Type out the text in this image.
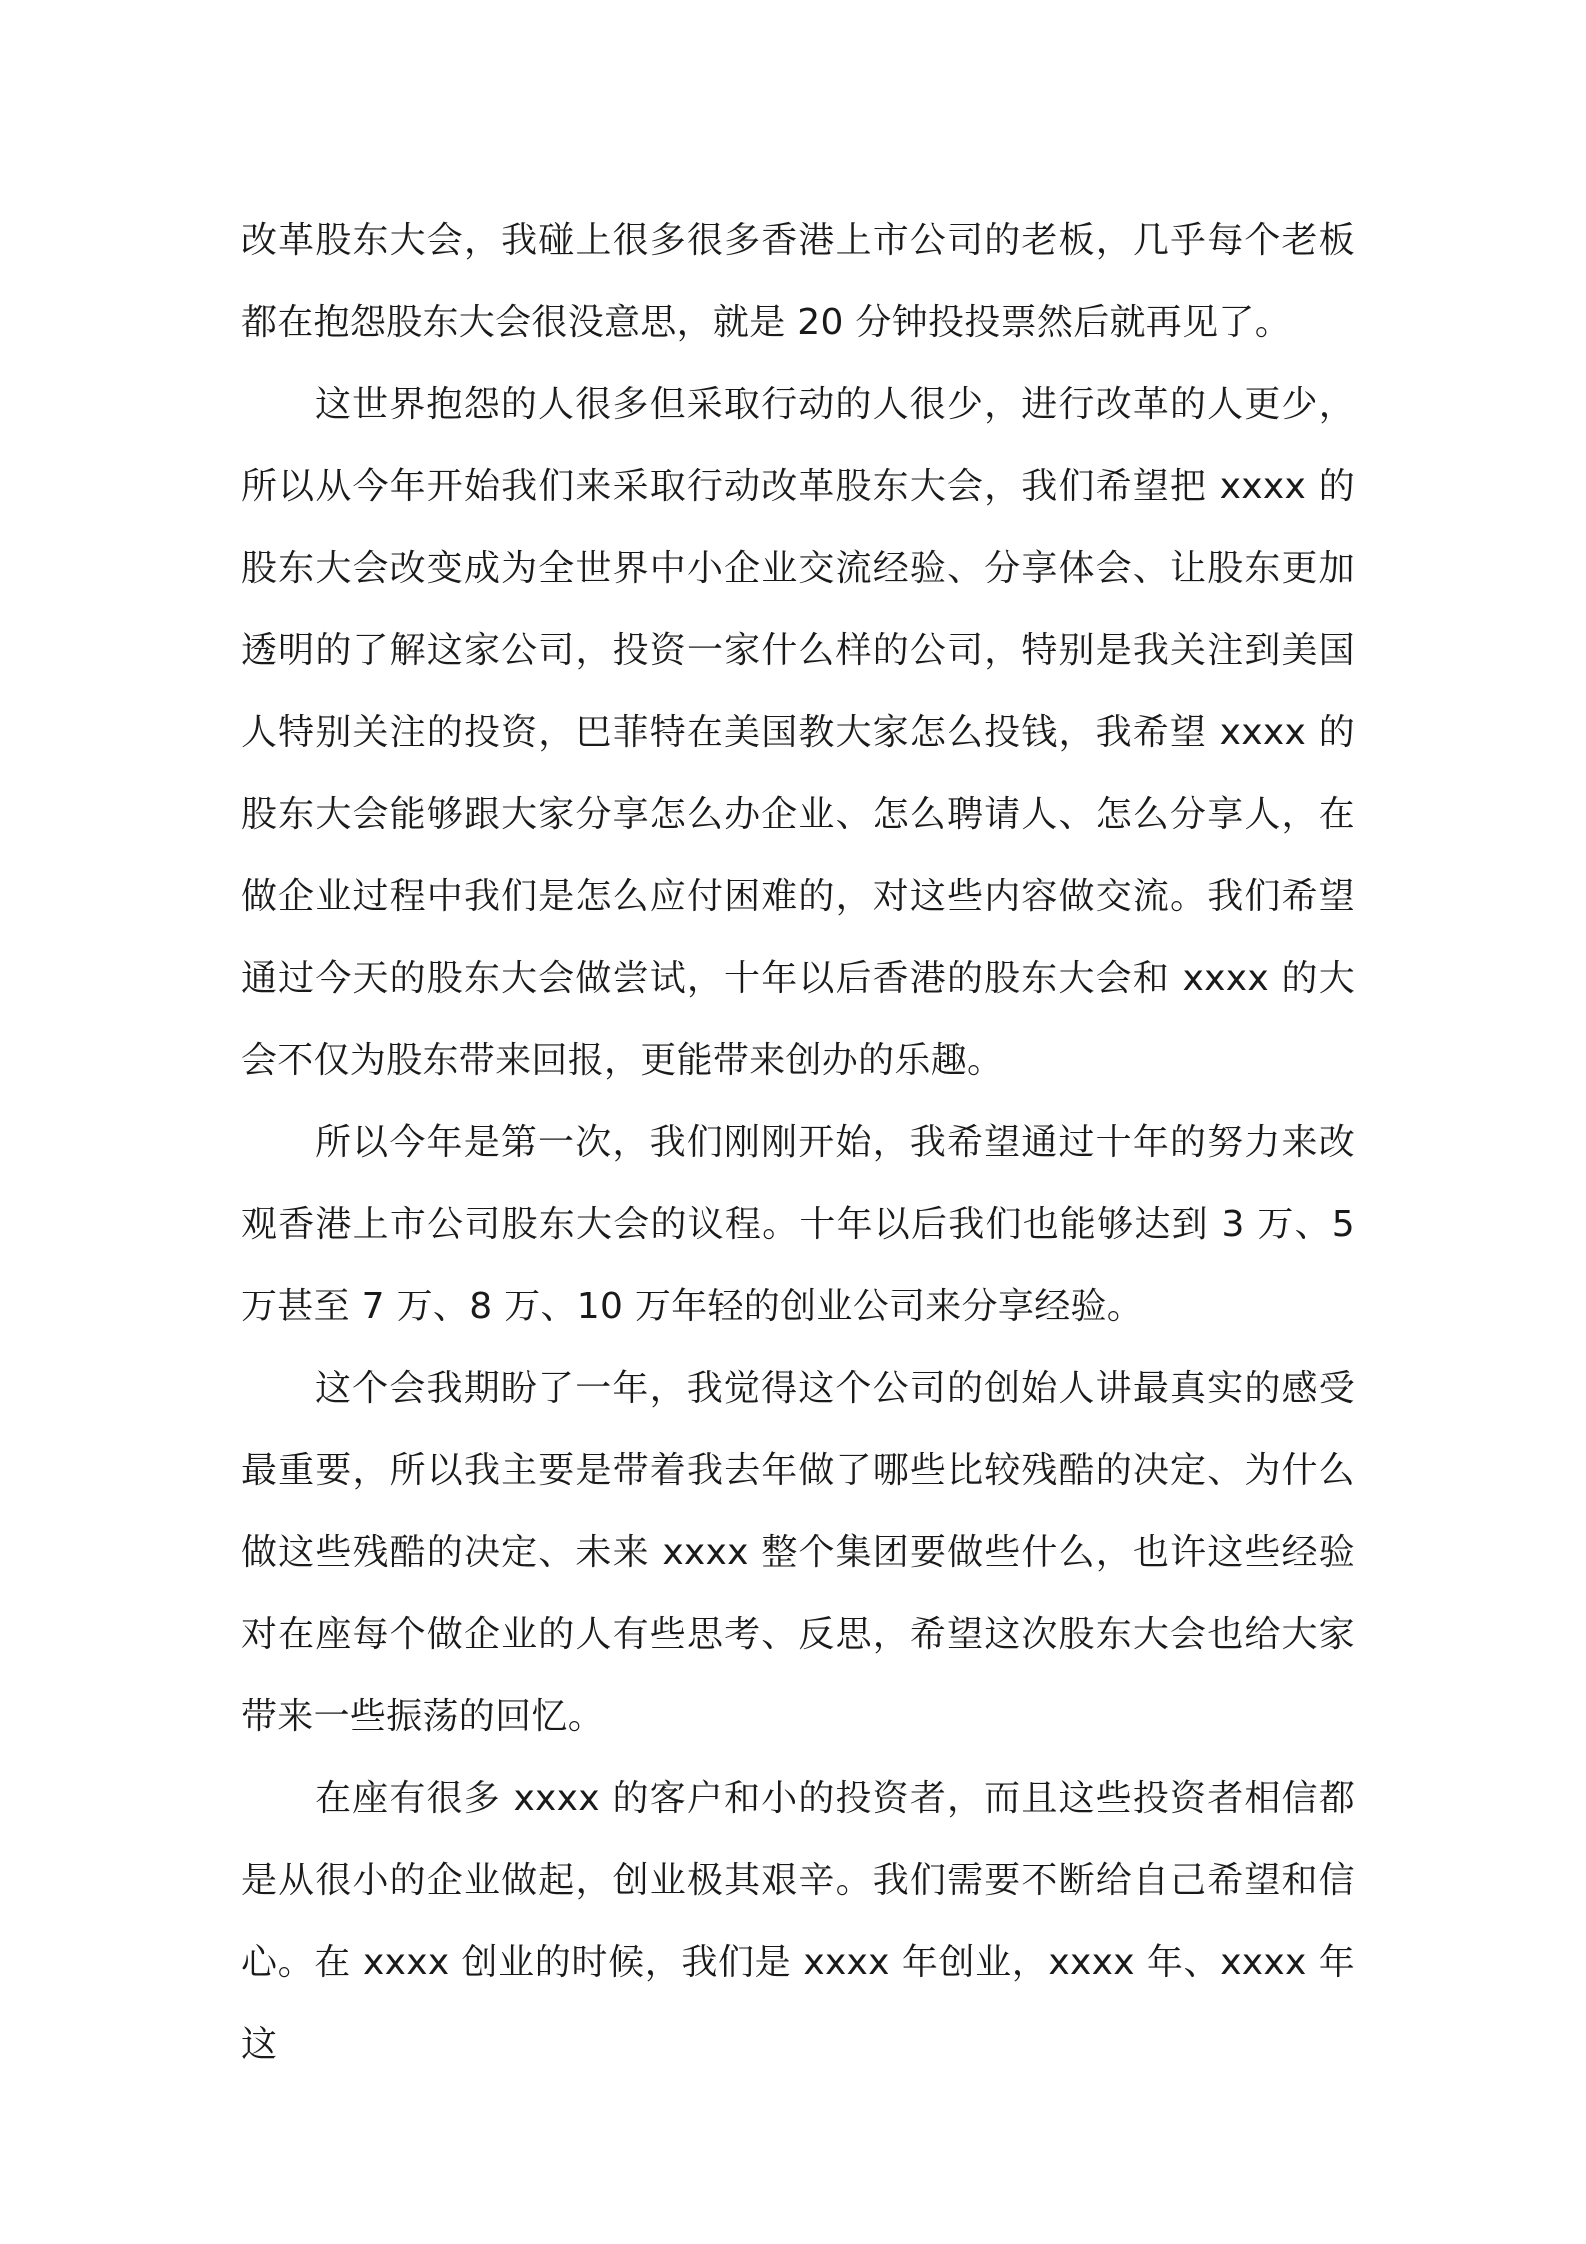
改革股东大会，我碰上很多很多香港上市公司的老板，几乎每个老板都在抱怨股东大会很没意思，就是 20 分钟投投票然后就再见了。

这世界抱怨的人很多但采取行动的人很少，进行改革的人更少，所以从今年开始我们来采取行动改革股东大会，我们希望把 xxxx 的股东大会改变成为全世界中小企业交流经验、分享体会、让股东更加透明的了解这家公司，投资一家什么样的公司，特别是我关注到美国人特别关注的投资，巴菲特在美国教大家怎么投钱，我希望 xxxx 的股东大会能够跟大家分享怎么办企业、怎么聘请人、怎么分享人，在做企业过程中我们是怎么应付困难的，对这些内容做交流。我们希望通过今天的股东大会做尝试，十年以后香港的股东大会和 xxxx 的大会不仅为股东带来回报，更能带来创办的乐趣。

所以今年是第一次，我们刚刚开始，我希望通过十年的努力来改观香港上市公司股东大会的议程。十年以后我们也能够达到 3 万、5 万甚至 7 万、8 万、10 万年轻的创业公司来分享经验。

这个会我期盼了一年，我觉得这个公司的创始人讲最真实的感受最重要，所以我主要是带着我去年做了哪些比较残酷的决定、为什么做这些残酷的决定、未来 xxxx 整个集团要做些什么，也许这些经验对在座每个做企业的人有些思考、反思，希望这次股东大会也给大家带来一些振荡的回忆。

在座有很多 xxxx 的客户和小的投资者，而且这些投资者相信都是从很小的企业做起，创业极其艰辛。我们需要不断给自己希望和信心。在 xxxx 创业的时候，我们是 xxxx 年创业，xxxx 年、xxxx 年这
